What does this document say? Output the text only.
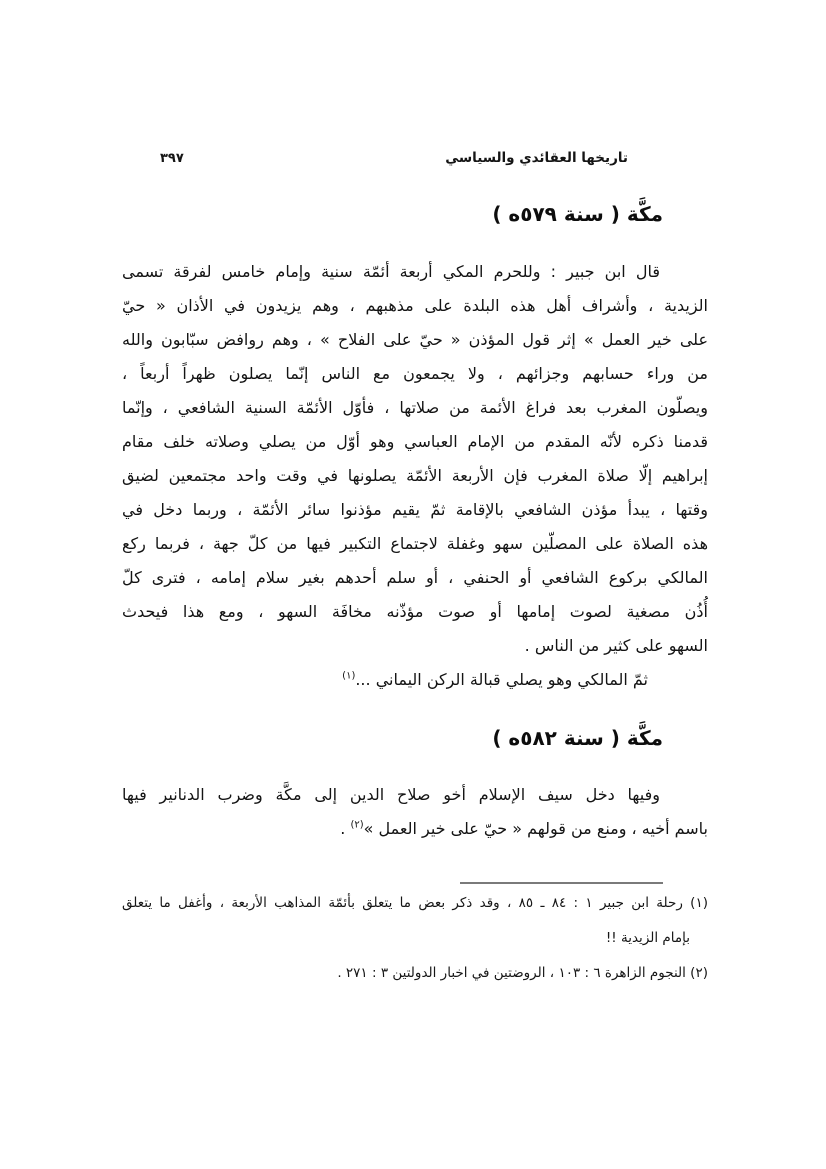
تاريخها العقائدي والسياسي
٣٩٧
مكَّة ( سنة ٥٧٩ه )
قال ابن جبير : وللحرم المكي أربعة أئمّة سنية وإمام خامس لفرقة تسمى
الزيدية ، وأشراف أهل هذه البلدة على مذهبهم ، وهم يزيدون في الأذان « حيّ
على خير العمل » إثر قول المؤذن « حيّ على الفلاح » ، وهم روافض سبّابون والله
من وراء حسابهم وجزائهم ، ولا يجمعون مع الناس إنّما يصلون ظهراً أربعاً ،
ويصلّون المغرب بعد فراغ الأئمة من صلاتها ، فأوّل الأئمّة السنية الشافعي ، وإنّما
قدمنا ذكره لأنّه المقدم من الإمام العباسي وهو أوّل من يصلي وصلاته خلف مقام
إبراهيم إلّا صلاة المغرب فإن الأربعة الأئمّة يصلونها في وقت واحد مجتمعين لضيق
وقتها ، يبدأ مؤذن الشافعي بالإقامة ثمّ يقيم مؤذنوا سائر الأئمّة ، وربما دخل في
هذه الصلاة على المصلّين سهو وغفلة لاجتماع التكبير فيها من كلّ جهة ، فربما ركع
المالكي بركوع الشافعي أو الحنفي ، أو سلم أحدهم بغير سلام إمامه ، فترى كلّ
أُذُن مصغية لصوت إمامها أو صوت مؤذّنه مخافَة السهو ، ومع هذا فيحدث
السهو على كثير من الناس .
ثمّ المالكي وهو يصلي قبالة الركن اليماني ...$^{(١)}$
مكَّة ( سنة ٥٨٢ه )
وفيها دخل سيف الإسلام أخو صلاح الدين إلى مكَّة وضرب الدنانير فيها
باسم أخيه ، ومنع من قولهم « حيّ على خير العمل »$^{(٢)}$ .
(١) رحلة ابن جبير ١ : ٨٤ ـ ٨٥ ، وقد ذكر بعض ما يتعلق بأئمّة المذاهب الأربعة ، وأغفل ما يتعلق
بإمام الزيدية !!
(٢) النجوم الزاهرة ٦ : ١٠٣ ، الروضتين في اخبار الدولتين ٣ : ٢٧١ .
